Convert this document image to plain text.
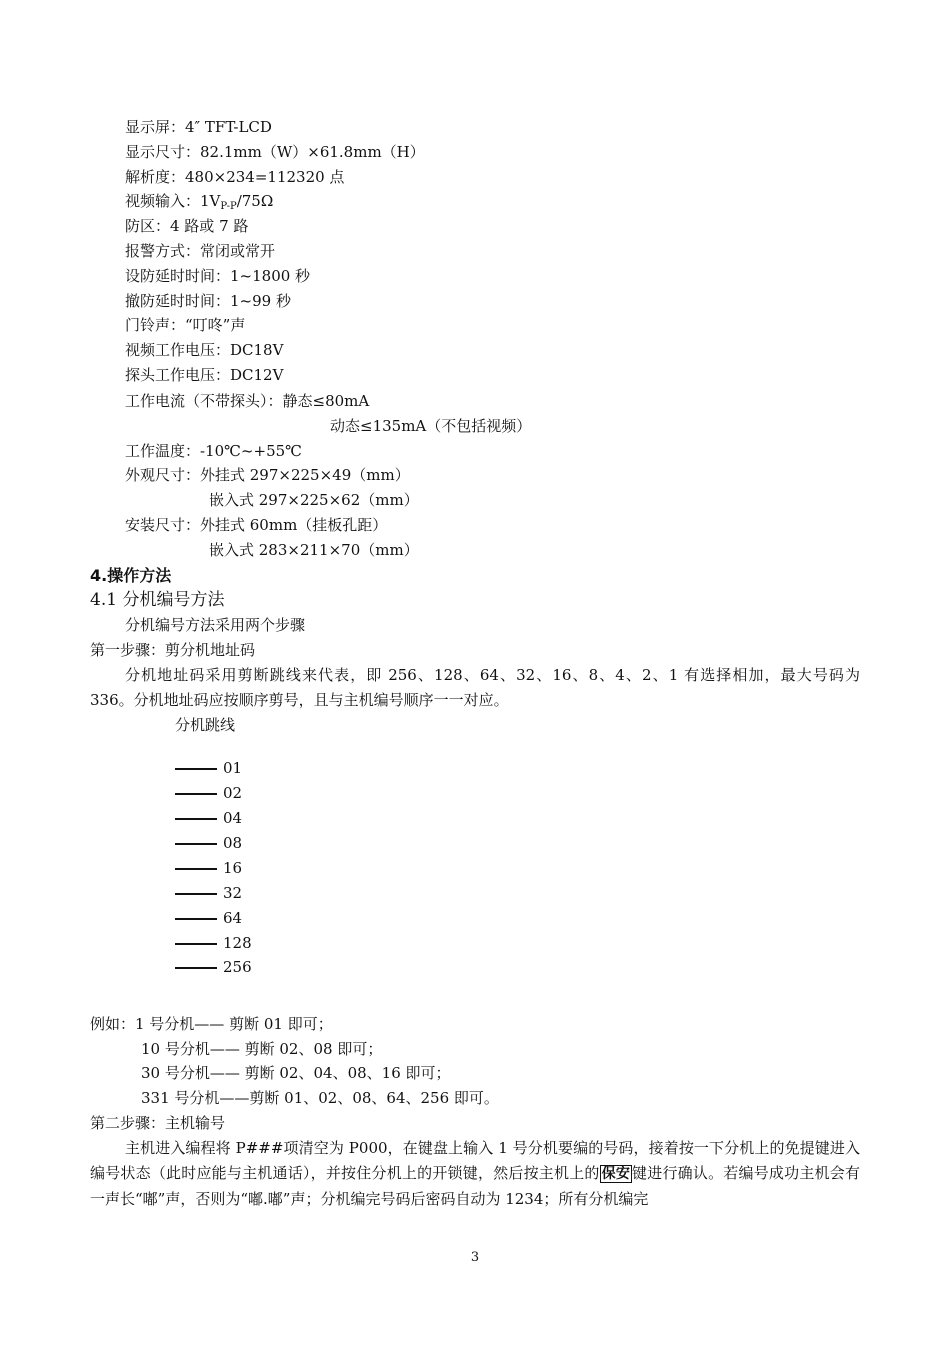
显示屏：4″ TFT-LCD
显示尺寸：82.1mm（W）×61.8mm（H）
解析度：480×234=112320 点
视频输入：$1V_{P-P}/75\Omega$
防区：4 路或 7 路
报警方式：常闭或常开
设防延时时间：1~1800 秒
撤防延时时间：1~99 秒
门铃声：“叮咚”声
视频工作电压：DC18V
探头工作电压：DC12V
工作电流（不带探头）：静态≤80mA
动态≤135mA（不包括视频）
工作温度：-10℃~+55℃
外观尺寸：外挂式 297×225×49（mm）
嵌入式 297×225×62（mm）
安装尺寸：外挂式 60mm（挂板孔距）
嵌入式 283×211×70（mm）
4.操作方法
4.1 分机编号方法
分机编号方法采用两个步骤
第一步骤：剪分机地址码
分机地址码采用剪断跳线来代表，即 256、128、64、32、16、8、4、2、1 有选择相加，最大号码为 336。分机地址码应按顺序剪号，且与主机编号顺序一一对应。
分机跳线
01
02
04
08
16
32
64
128
256
例如：1 号分机—— 剪断 01 即可；
10 号分机—— 剪断 02、08 即可；
30 号分机—— 剪断 02、04、08、16 即可；
331 号分机——剪断 01、02、08、64、256 即可。
第二步骤：主机输号
主机进入编程将 P###项清空为 P000，在键盘上输入 1 号分机要编的号码，接着按一下分机上的免提键进入编号状态（此时应能与主机通话），并按住分机上的开锁键，然后按主机上的 保安 键进行确认。若编号成功主机会有一声长“嘟”声，否则为“嘟.嘟”声；分机编完号码后密码自动为 1234；所有分机编完
3
